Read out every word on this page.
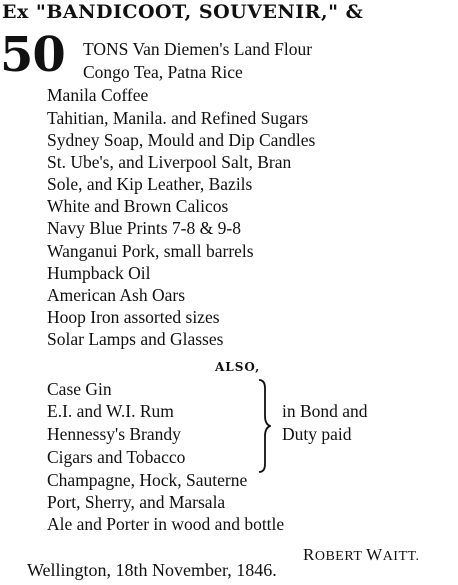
Ex "BANDICOOT, SOUVENIR," &
50 TONS Van Diemen's Land Flour
Congo Tea, Patna Rice
Manila Coffee
Tahitian, Manila. and Refined Sugars
Sydney Soap, Mould and Dip Candles
St. Ube's, and Liverpool Salt, Bran
Sole, and Kip Leather, Bazils
White and Brown Calicos
Navy Blue Prints 7-8 & 9-8
Wanganui Pork, small barrels
Humpback Oil
American Ash Oars
Hoop Iron assorted sizes
Solar Lamps and Glasses
ALSO,
Case Gin
E.I. and W.I. Rum
Hennessy's Brandy
Cigars and Tobacco
in Bond and
Duty paid
Champagne, Hock, Sauterne
Port, Sherry, and Marsala
Ale and Porter in wood and bottle
ROBERT WAITT.
Wellington, 18th November, 1846.
